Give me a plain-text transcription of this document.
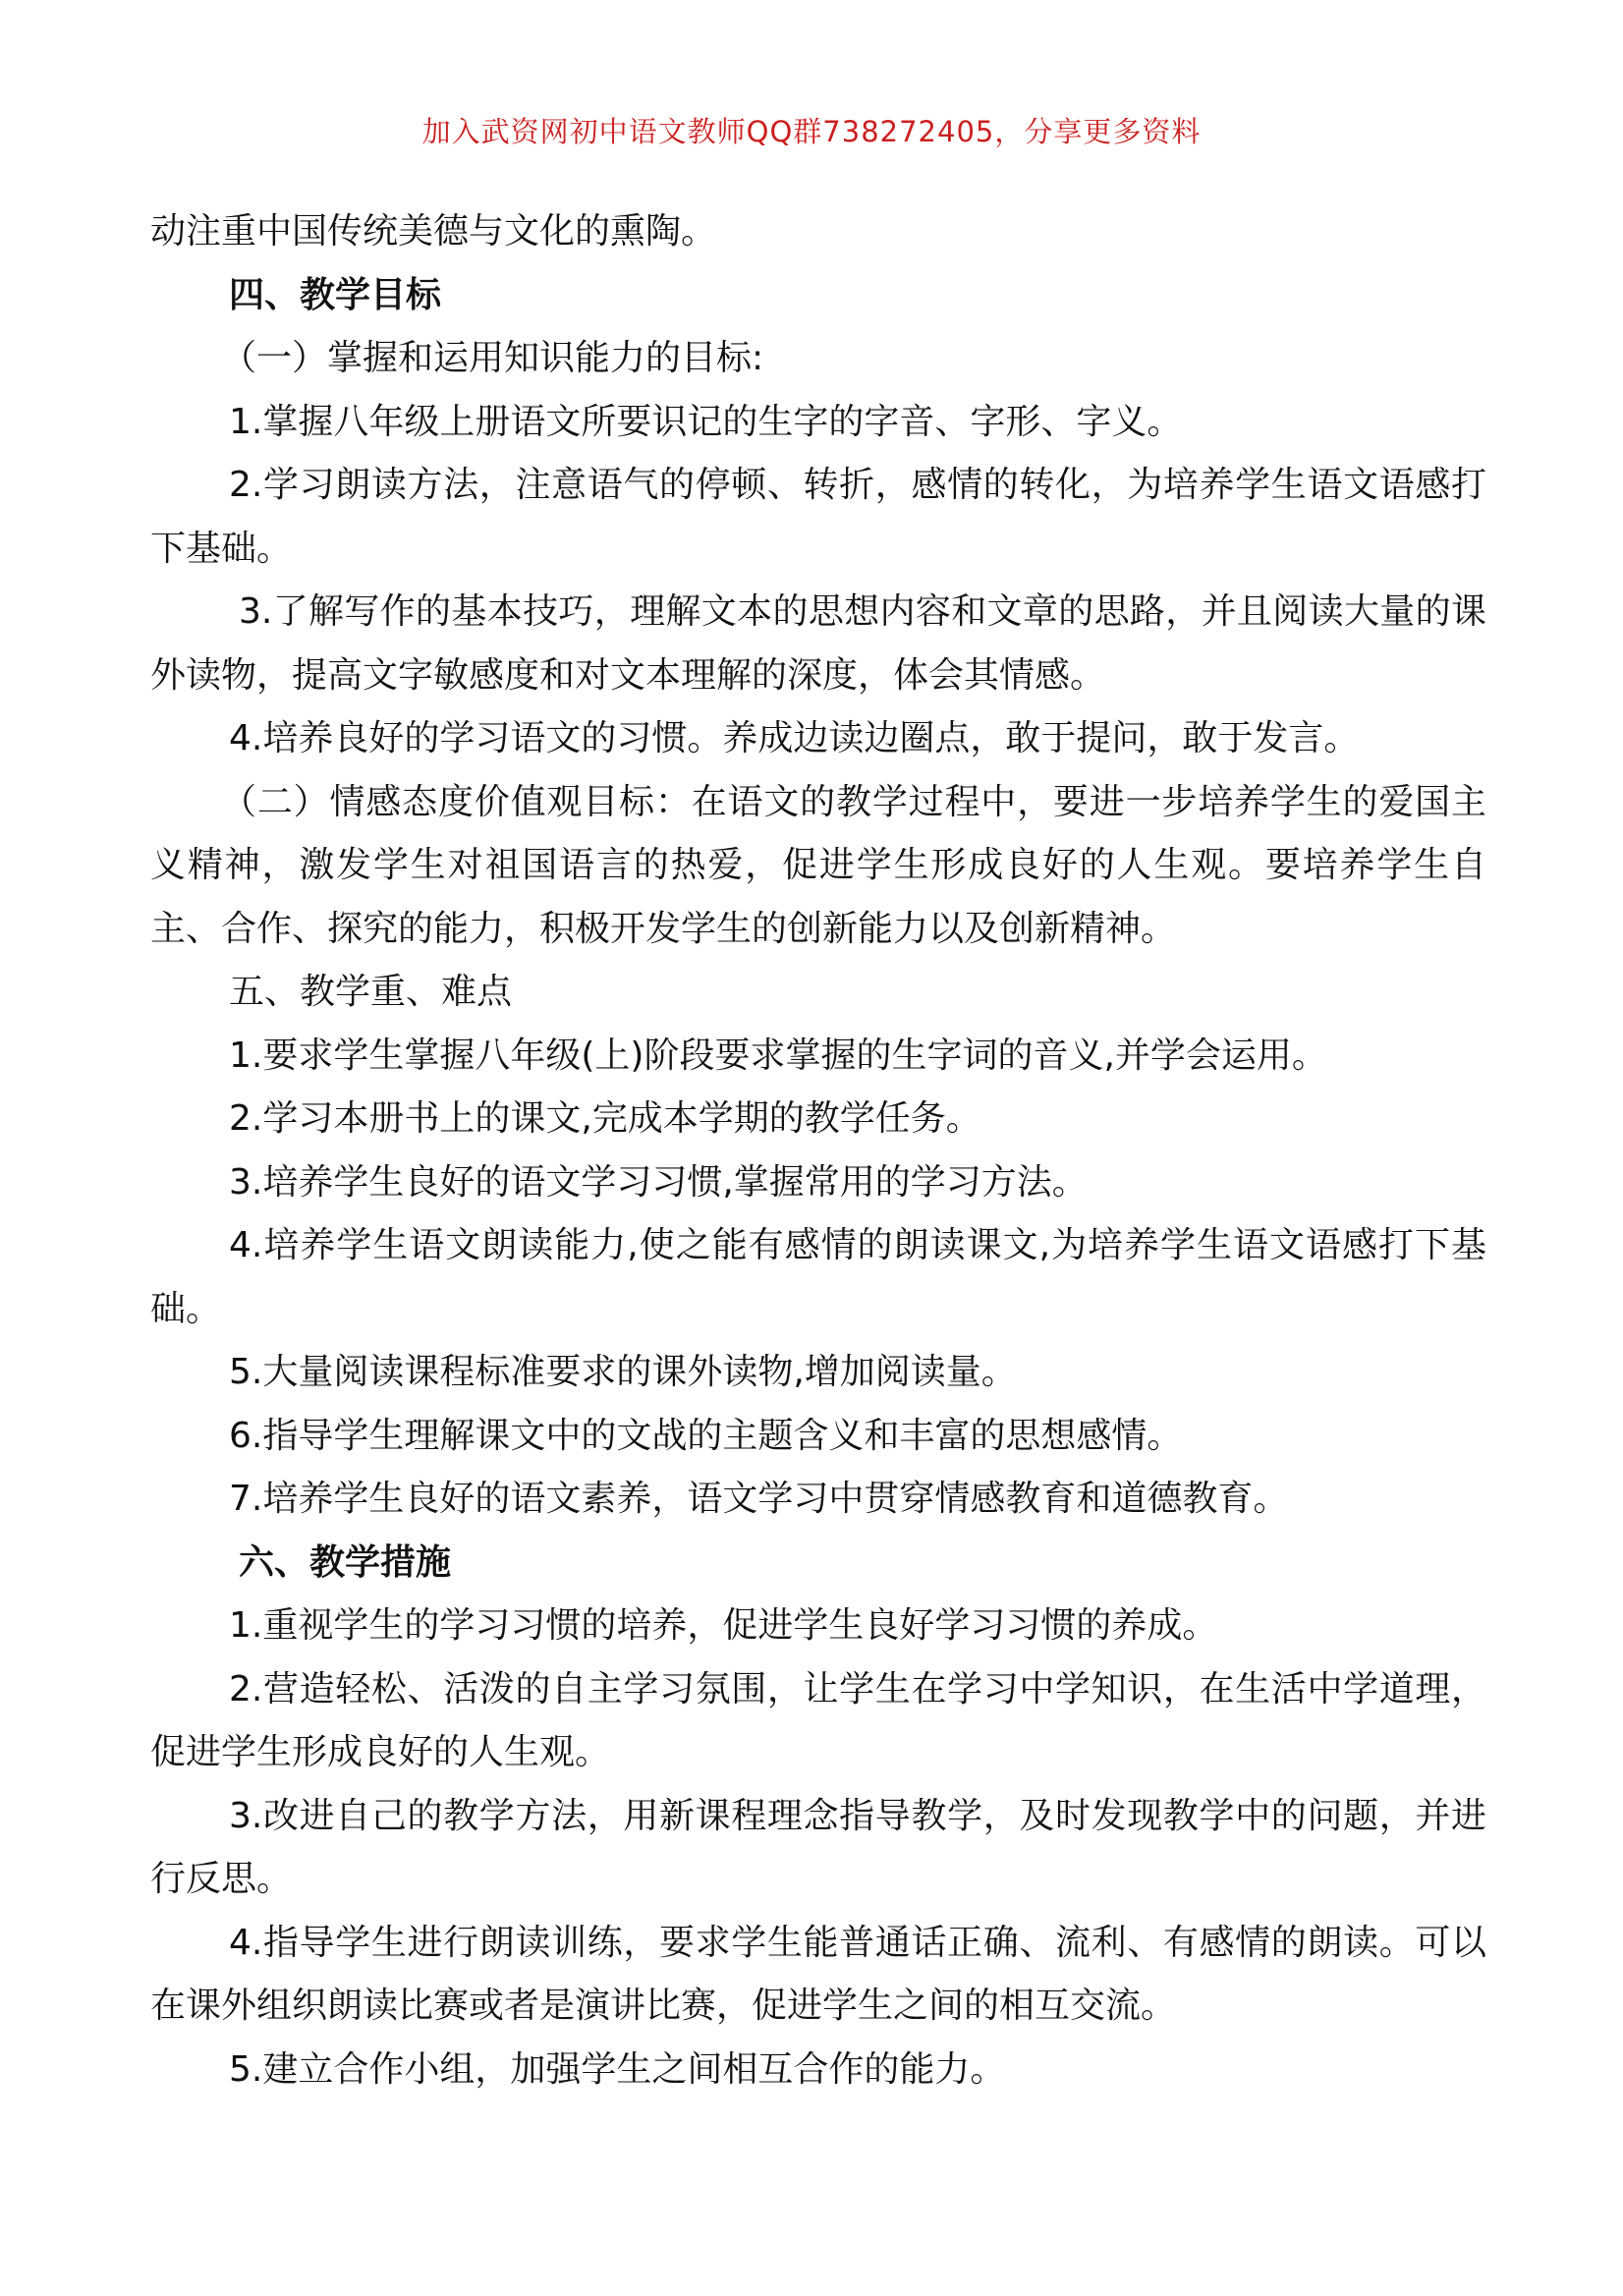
加入武资网初中语文教师QQ群738272405，分享更多资料

动注重中国传统美德与文化的熏陶。

四、教学目标

（一）掌握和运用知识能力的目标:

1.掌握八年级上册语文所要识记的生字的字音、字形、字义。

2.学习朗读方法，注意语气的停顿、转折，感情的转化，为培养学生语文语感打下基础。

3.了解写作的基本技巧，理解文本的思想内容和文章的思路，并且阅读大量的课外读物，提高文字敏感度和对文本理解的深度，体会其情感。

4.培养良好的学习语文的习惯。养成边读边圈点，敢于提问，敢于发言。

（二）情感态度价值观目标：在语文的教学过程中，要进一步培养学生的爱国主义精神，激发学生对祖国语言的热爱，促进学生形成良好的人生观。要培养学生自主、合作、探究的能力，积极开发学生的创新能力以及创新精神。

五、教学重、难点

1.要求学生掌握八年级(上)阶段要求掌握的生字词的音义,并学会运用。

2.学习本册书上的课文,完成本学期的教学任务。

3.培养学生良好的语文学习习惯,掌握常用的学习方法。

4.培养学生语文朗读能力,使之能有感情的朗读课文,为培养学生语文语感打下基础。

5.大量阅读课程标准要求的课外读物,增加阅读量。

6.指导学生理解课文中的文战的主题含义和丰富的思想感情。

7.培养学生良好的语文素养，语文学习中贯穿情感教育和道德教育。

六、教学措施

1.重视学生的学习习惯的培养，促进学生良好学习习惯的养成。

2.营造轻松、活泼的自主学习氛围，让学生在学习中学知识，在生活中学道理，促进学生形成良好的人生观。

3.改进自己的教学方法，用新课程理念指导教学，及时发现教学中的问题，并进行反思。

4.指导学生进行朗读训练，要求学生能普通话正确、流利、有感情的朗读。可以在课外组织朗读比赛或者是演讲比赛，促进学生之间的相互交流。

5.建立合作小组，加强学生之间相互合作的能力。
